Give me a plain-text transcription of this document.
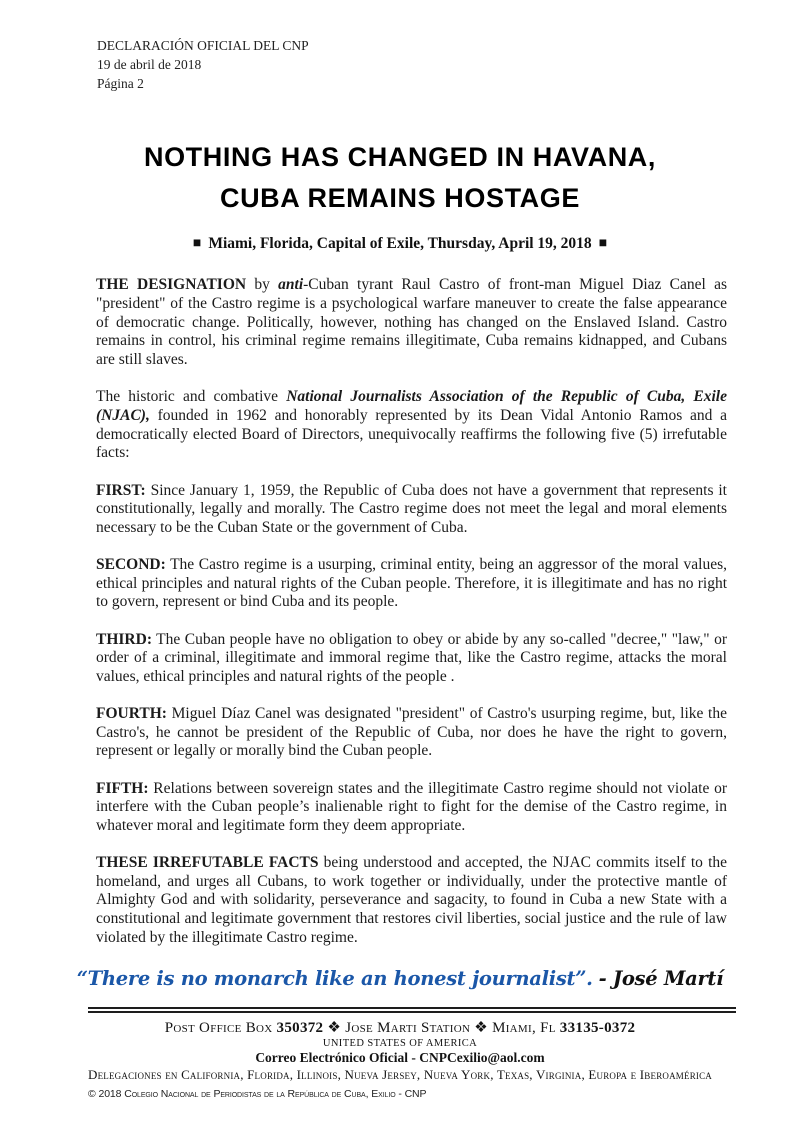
DECLARACIÓN OFICIAL DEL CNP
19 de abril de 2018
Página 2
NOTHING HAS CHANGED IN HAVANA,
CUBA REMAINS HOSTAGE
■ Miami, Florida, Capital of Exile, Thursday, April 19, 2018 ■

THE DESIGNATION by anti-Cuban tyrant Raul Castro of front-man Miguel Diaz Canel as "president" of the Castro regime is a psychological warfare maneuver to create the false appearance of democratic change. Politically, however, nothing has changed on the Enslaved Island. Castro remains in control, his criminal regime remains illegitimate, Cuba remains kidnapped, and Cubans are still slaves.

The historic and combative National Journalists Association of the Republic of Cuba, Exile (NJAC), founded in 1962 and honorably represented by its Dean Vidal Antonio Ramos and a democratically elected Board of Directors, unequivocally reaffirms the following five (5) irrefutable facts:

FIRST: Since January 1, 1959, the Republic of Cuba does not have a government that represents it constitutionally, legally and morally. The Castro regime does not meet the legal and moral elements necessary to be the Cuban State or the government of Cuba.

SECOND: The Castro regime is a usurping, criminal entity, being an aggressor of the moral values, ethical principles and natural rights of the Cuban people. Therefore, it is illegitimate and has no right to govern, represent or bind Cuba and its people.

THIRD: The Cuban people have no obligation to obey or abide by any so-called "decree," "law," or order of a criminal, illegitimate and immoral regime that, like the Castro regime, attacks the moral values, ethical principles and natural rights of the people .

FOURTH: Miguel Díaz Canel was designated "president" of Castro's usurping regime, but, like the Castro's, he cannot be president of the Republic of Cuba, nor does he have the right to govern, represent or legally or morally bind the Cuban people.

FIFTH: Relations between sovereign states and the illegitimate Castro regime should not violate or interfere with the Cuban people’s inalienable right to fight for the demise of the Castro regime, in whatever moral and legitimate form they deem appropriate.

THESE IRREFUTABLE FACTS being understood and accepted, the NJAC commits itself to the homeland, and urges all Cubans, to work together or individually, under the protective mantle of Almighty God and with solidarity, perseverance and sagacity, to found in Cuba a new State with a constitutional and legitimate government that restores civil liberties, social justice and the rule of law violated by the illegitimate Castro regime.

“There is no monarch like an honest journalist”. - José Martí
Post Office Box 350372 ❖ Jose Marti Station ❖ Miami, Fl 33135-0372
UNITED STATES OF AMERICA
Correo Electrónico Oficial - CNPCexilio@aol.com
Delegaciones en California, Florida, Illinois, Nueva Jersey, Nueva York, Texas, Virginia, Europa e Iberoamérica
© 2018 Colegio Nacional de Periodistas de la República de Cuba, Exilio - CNP
